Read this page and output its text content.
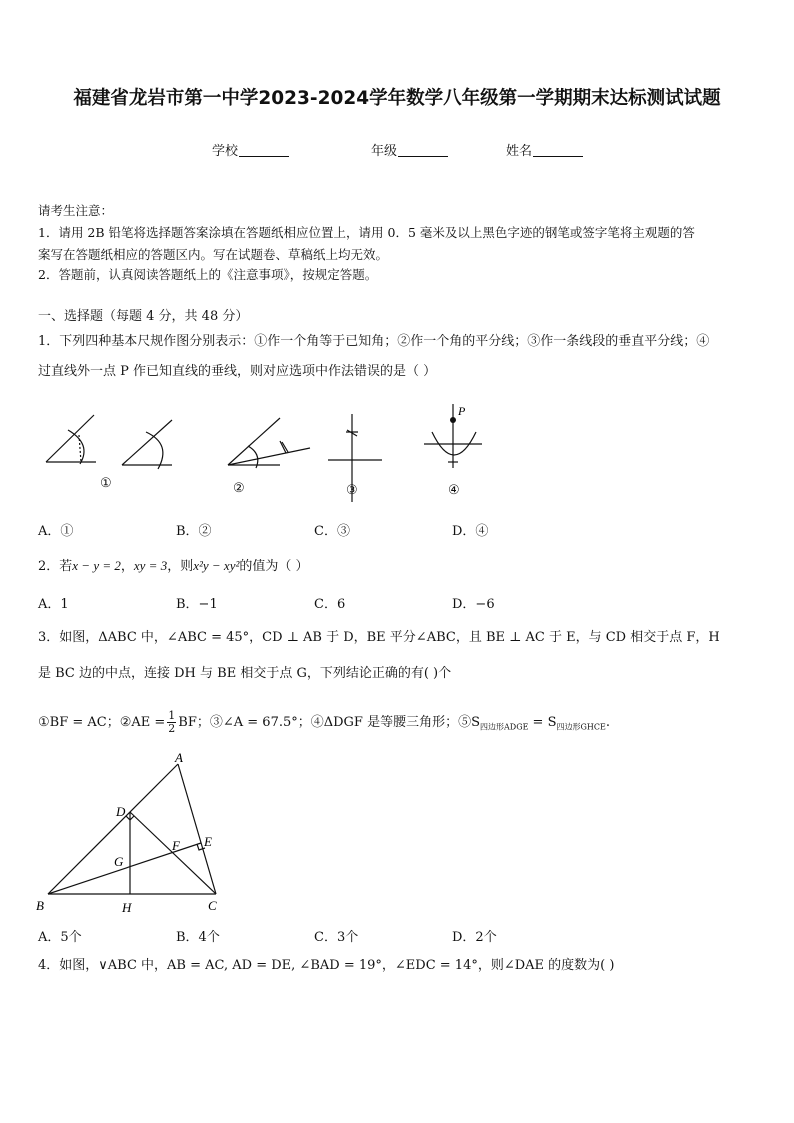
福建省龙岩市第一中学2023-2024学年数学八年级第一学期期末达标测试试题
学校	年级	姓名
请考生注意：
1．请用 2B 铅笔将选择题答案涂填在答题纸相应位置上，请用 0．5 毫米及以上黑色字迹的钢笔或签字笔将主观题的答
案写在答题纸相应的答题区内。写在试题卷、草稿纸上均无效。
2．答题前，认真阅读答题纸上的《注意事项》，按规定答题。
一、选择题（每题 4 分，共 48 分）
1．下列四种基本尺规作图分别表示：①作一个角等于已知角；②作一个角的平分线；③作一条线段的垂直平分线；④
过直线外一点 P 作已知直线的垂线，则对应选项中作法错误的是（ ）
P
①	②	③	④
A．①	B．②	C．③	D．④
2．若x − y = 2，xy = 3，则x²y − xy²的值为（ ）
A．1	B．−1	C．6	D．−6
3．如图，ΔABC 中，∠ABC = 45°，CD ⊥ AB 于 D，BE 平分∠ABC，且 BE ⊥ AC 于 E，与 CD 相交于点 F，H
是 BC 边的中点，连接 DH 与 BE 相交于点 G，下列结论正确的有( )个
①BF = AC；②AE = $\frac{1}{2}$ BF；③∠A = 67.5°；④ΔDGF 是等腰三角形；$⑤S_{四边形ADGE} = S_{四边形GHCE}$.
A
B	C
D
E
F
G
H
A．5个	B．4个	C．3个	D．2个
4．如图，∨ABC 中，AB = AC, AD = DE, ∠BAD = 19°，∠EDC = 14°，则∠DAE 的度数为( )
